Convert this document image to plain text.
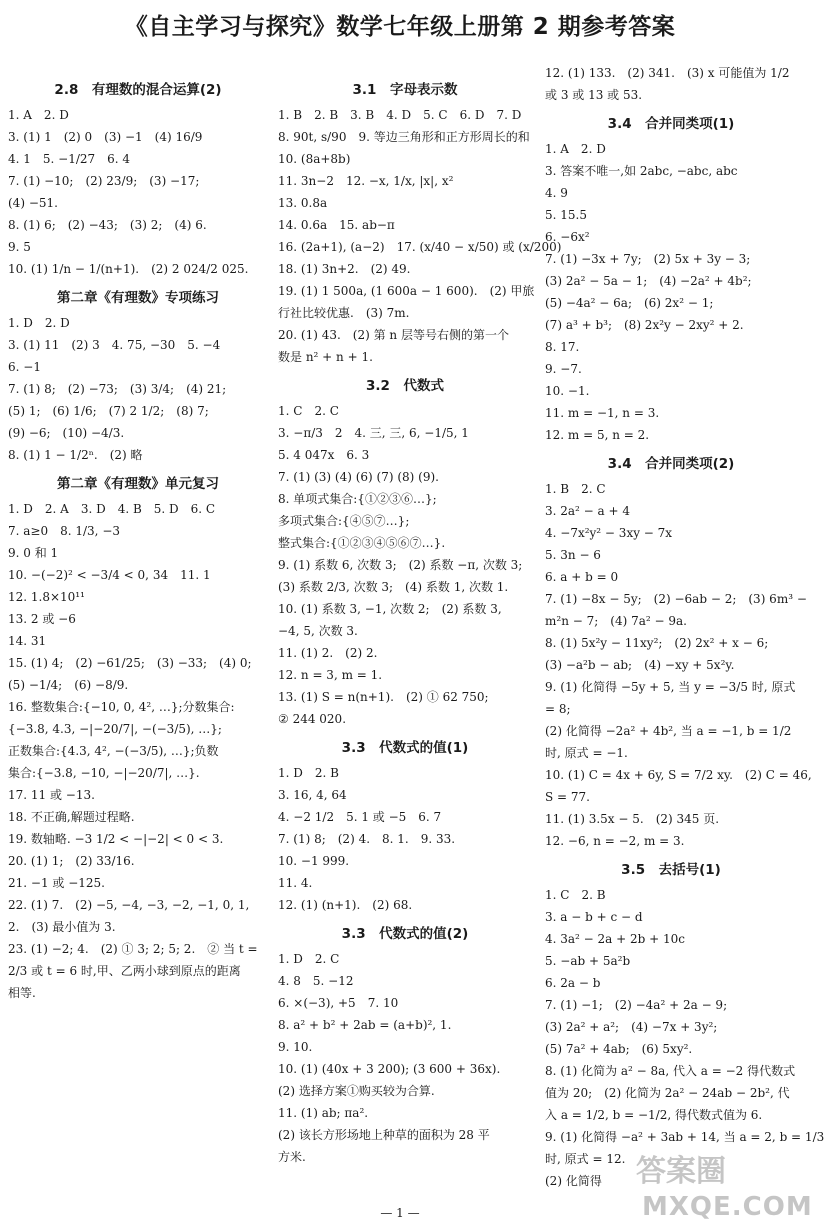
《自主学习与探究》数学七年级上册第 2 期参考答案
2.8　有理数的混合运算(2)
1. A　2. D
3. (1) 1　(2) 0　(3) −1　(4) 16/9
4. 1　5. −1/27　6. 4
7. (1) −10;　(2) 23/9;　(3) −17;
(4) −51.
8. (1) 6;　(2) −43;　(3) 2;　(4) 6.
9. 5
10. (1) 1/n − 1/(n+1).　(2) 2 024/2 025.
第二章《有理数》专项练习
1. D　2. D
3. (1) 11　(2) 3　4. 75, −30　5. −4
6. −1
7. (1) 8;　(2) −73;　(3) 3/4;　(4) 21;
(5) 1;　(6) 1/6;　(7) 2 1/2;　(8) 7;
(9) −6;　(10) −4/3.
8. (1) 1 − 1/2ⁿ.　(2) 略
第二章《有理数》单元复习
1. D　2. A　3. D　4. B　5. D　6. C
7. a≥0　8. 1/3, −3
9. 0 和 1
10. −(−2)² < −3/4 < 0, 34　11. 1
12. 1.8×10¹¹
13. 2 或 −6
14. 31
15. (1) 4;　(2) −61/25;　(3) −33;　(4) 0;
(5) −1/4;　(6) −8/9.
16. 整数集合:{−10, 0, 4², …};分数集合:
{−3.8, 4.3, −|−20/7|, −(−3/5), …};
正数集合:{4.3, 4², −(−3/5), …};负数
集合:{−3.8, −10, −|−20/7|, …}.
17. 11 或 −13.
18. 不正确,解题过程略.
19. 数轴略. −3 1/2 < −|−2| < 0 < 3.
20. (1) 1;　(2) 33/16.
21. −1 或 −125.
22. (1) 7.　(2) −5, −4, −3, −2, −1, 0, 1,
2.　(3) 最小值为 3.
23. (1) −2; 4.　(2) ① 3; 2; 5; 2.　② 当 t =
2/3 或 t = 6 时,甲、乙两小球到原点的距离
相等.
3.1　字母表示数
1. B　2. B　3. B　4. D　5. C　6. D　7. D
8. 90t, s/90　9. 等边三角形和正方形周长的和
10. (8a+8b)
11. 3n−2　12. −x, 1/x, |x|, x²
13. 0.8a
14. 0.6a　15. ab−π
16. (2a+1), (a−2)　17. (x/40 − x/50) 或 (x/200)
18. (1) 3n+2.　(2) 49.
19. (1) 1 500a, (1 600a − 1 600).　(2) 甲旅
行社比较优惠.　(3) 7m.
20. (1) 43.　(2) 第 n 层等号右侧的第一个
数是 n² + n + 1.
3.2　代数式
1. C　2. C
3. −π/3　2　4. 三, 三, 6, −1/5, 1
5. 4 047x　6. 3
7. (1) (3) (4) (6) (7) (8) (9).
8. 单项式集合:{①②③⑥…};
多项式集合:{④⑤⑦…};
整式集合:{①②③④⑤⑥⑦…}.
9. (1) 系数 6, 次数 3;　(2) 系数 −π, 次数 3;
(3) 系数 2/3, 次数 3;　(4) 系数 1, 次数 1.
10. (1) 系数 3, −1, 次数 2;　(2) 系数 3,
−4, 5, 次数 3.
11. (1) 2.　(2) 2.
12. n = 3, m = 1.
13. (1) S = n(n+1).　(2) ① 62 750;
② 244 020.
3.3　代数式的值(1)
1. D　2. B
3. 16, 4, 64
4. −2 1/2　5. 1 或 −5　6. 7
7. (1) 8;　(2) 4.　8. 1.　9. 33.
10. −1 999.
11. 4.
12. (1) (n+1).　(2) 68.
3.3　代数式的值(2)
1. D　2. C
4. 8　5. −12
6. ×(−3), +5　7. 10
8. a² + b² + 2ab = (a+b)², 1.
9. 10.
10. (1) (40x + 3 200); (3 600 + 36x).
(2) 选择方案①购买较为合算.
11. (1) ab; πa².
(2) 该长方形场地上种草的面积为 28 平
方米.
12. (1) 133.　(2) 341.　(3) x 可能值为 1/2
或 3 或 13 或 53.
3.4　合并同类项(1)
1. A　2. D
3. 答案不唯一,如 2abc, −abc, abc
4. 9
5. 15.5
6. −6x²
7. (1) −3x + 7y;　(2) 5x + 3y − 3;
(3) 2a² − 5a − 1;　(4) −2a² + 4b²;
(5) −4a² − 6a;　(6) 2x² − 1;
(7) a³ + b³;　(8) 2x²y − 2xy² + 2.
8. 17.
9. −7.
10. −1.
11. m = −1, n = 3.
12. m = 5, n = 2.
3.4　合并同类项(2)
1. B　2. C
3. 2a² − a + 4
4. −7x²y² − 3xy − 7x
5. 3n − 6
6. a + b = 0
7. (1) −8x − 5y;　(2) −6ab − 2;　(3) 6m³ −
m²n − 7;　(4) 7a² − 9a.
8. (1) 5x²y − 11xy²;　(2) 2x² + x − 6;
(3) −a²b − ab;　(4) −xy + 5x²y.
9. (1) 化简得 −5y + 5, 当 y = −3/5 时, 原式
= 8;
(2) 化简得 −2a² + 4b², 当 a = −1, b = 1/2
时, 原式 = −1.
10. (1) C = 4x + 6y, S = 7/2 xy.　(2) C = 46,
S = 77.
11. (1) 3.5x − 5.　(2) 345 页.
12. −6, n = −2, m = 3.
3.5　去括号(1)
1. C　2. B
3. a − b + c − d
4. 3a² − 2a + 2b + 10c
5. −ab + 5a²b
6. 2a − b
7. (1) −1;　(2) −4a² + 2a − 9;
(3) 2a² + a²;　(4) −7x + 3y²;
(5) 7a² + 4ab;　(6) 5xy².
8. (1) 化简为 a² − 8a, 代入 a = −2 得代数式
值为 20;　(2) 化简为 2a² − 24ab − 2b², 代
入 a = 1/2, b = −1/2, 得代数式值为 6.
9. (1) 化简得 −a² + 3ab + 14, 当 a = 2, b = 1/3
时, 原式 = 12.
(2) 化简得
— 1 —
答案圈
MXQE.COM
